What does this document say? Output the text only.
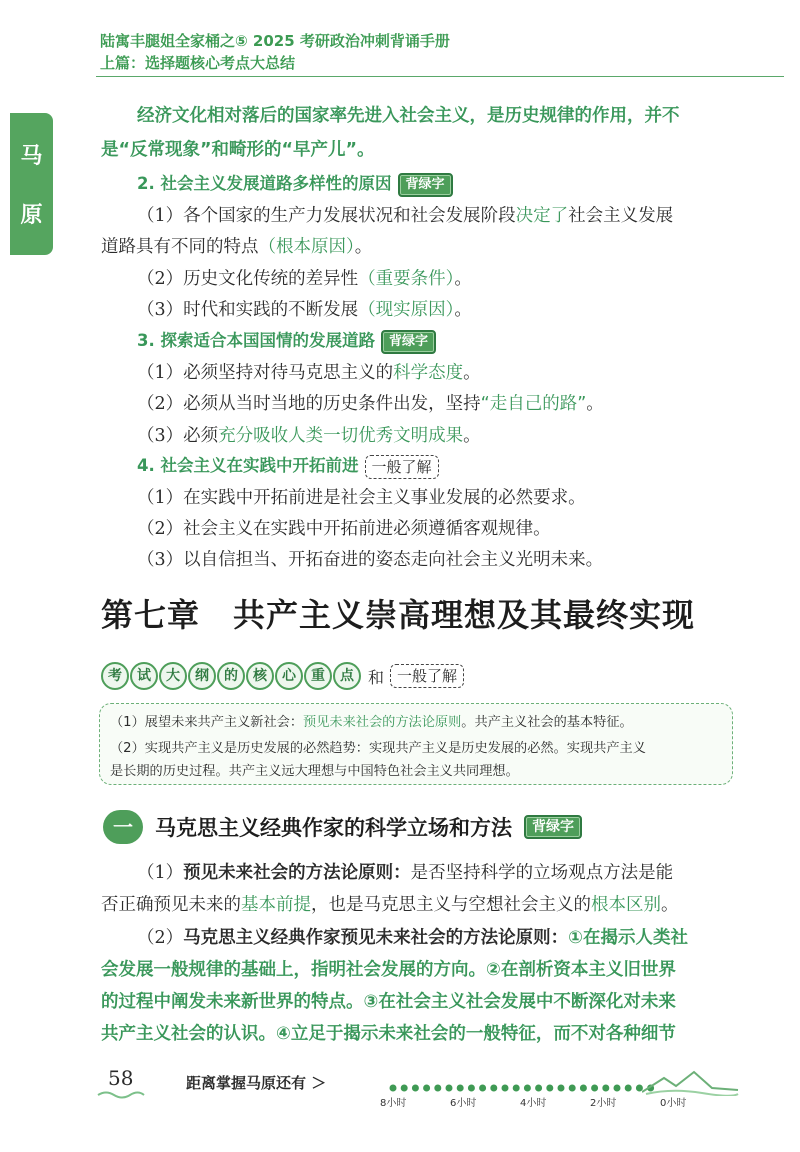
陆寓丰腿姐全家桶之⑤ 2025 考研政治冲刺背诵手册
上篇：选择题核心考点大总结
马
原
经济文化相对落后的国家率先进入社会主义，是历史规律的作用，并不
是“反常现象”和畸形的“早产儿”。
2. 社会主义发展道路多样性的原因 背绿字
（1）各个国家的生产力发展状况和社会发展阶段决定了社会主义发展
道路具有不同的特点（根本原因）。
（2）历史文化传统的差异性（重要条件）。
（3）时代和实践的不断发展（现实原因）。
3. 探索适合本国国情的发展道路 背绿字
（1）必须坚持对待马克思主义的科学态度。
（2）必须从当时当地的历史条件出发，坚持“走自己的路”。
（3）必须充分吸收人类一切优秀文明成果。
4. 社会主义在实践中开拓前进 一般了解
（1）在实践中开拓前进是社会主义事业发展的必然要求。
（2）社会主义在实践中开拓前进必须遵循客观规律。
（3）以自信担当、开拓奋进的姿态走向社会主义光明未来。
第七章　共产主义崇高理想及其最终实现
考	试	大	纲	的	核	心	重	点 和 一般了解
（1）展望未来共产主义新社会：预见未来社会的方法论原则。共产主义社会的基本特征。
（2）实现共产主义是历史发展的必然趋势：实现共产主义是历史发展的必然。实现共产主义
是长期的历史过程。共产主义远大理想与中国特色社会主义共同理想。
一	马克思主义经典作家的科学立场和方法	背绿字
（1）预见未来社会的方法论原则：是否坚持科学的立场观点方法是能
否正确预见未来的基本前提，也是马克思主义与空想社会主义的根本区别。
（2）马克思主义经典作家预见未来社会的方法论原则：①在揭示人类社
会发展一般规律的基础上，指明社会发展的方向。②在剖析资本主义旧世界
的过程中阐发未来新世界的特点。③在社会主义社会发展中不断深化对未来
共产主义社会的认识。④立足于揭示未来社会的一般特征，而不对各种细节
58	距离掌握马原还有 ＞
8小时	6小时	4小时	2小时	0小时
